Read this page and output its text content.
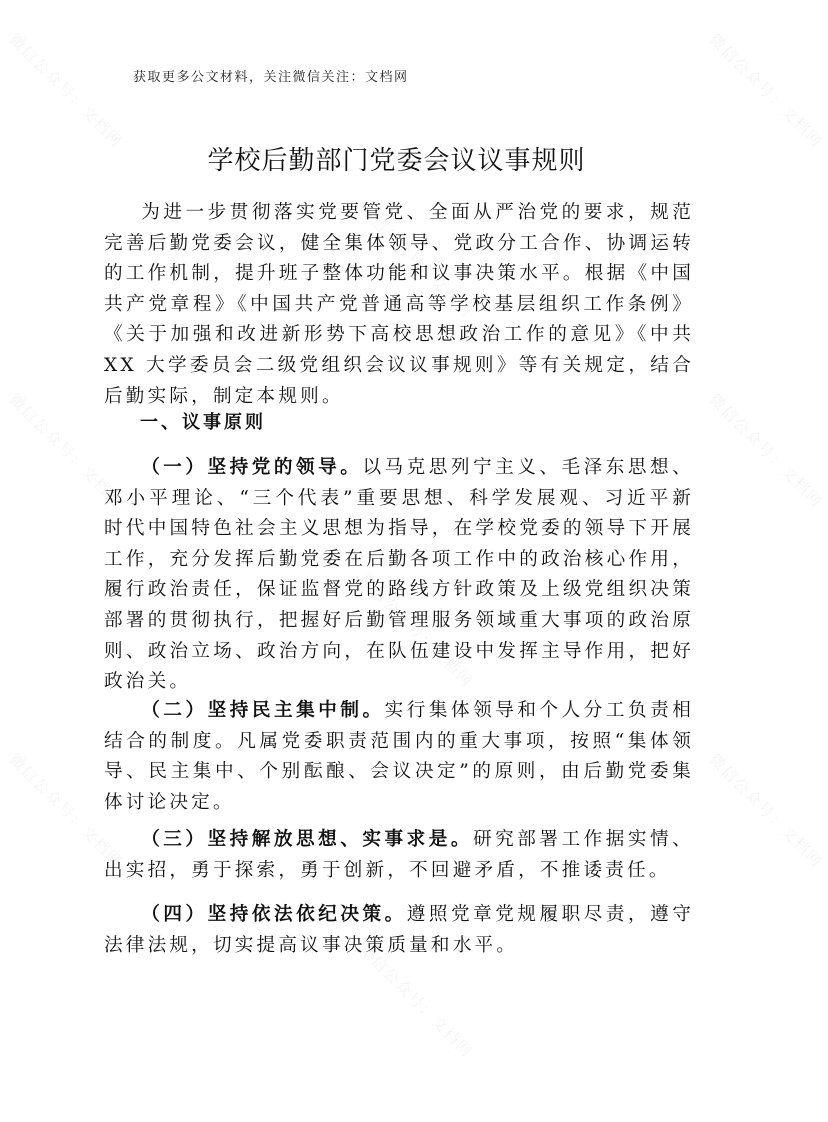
微信公众号：文档网	微信公众号：文档网
微信公众号：文档网
微信公众号：文档网	微信公众号：文档网
微信公众号：文档网
微信公众号：文档网	微信公众号：文档网
微信公众号：文档网
获取更多公文材料，关注微信关注：文档网
学校后勤部门党委会议议事规则

为进一步贯彻落实党要管党、全面从严治党的要求，规范完善后勤党委会议，健全集体领导、党政分工合作、协调运转的工作机制，提升班子整体功能和议事决策水平。根据《中国共产党章程》《中国共产党普通高等学校基层组织工作条例》《关于加强和改进新形势下高校思想政治工作的意见》《中共XX 大学委员会二级党组织会议议事规则》等有关规定，结合后勤实际，制定本规则。

一、议事原则

（一）坚持党的领导。以马克思列宁主义、毛泽东思想、邓小平理论、“三个代表”重要思想、科学发展观、习近平新时代中国特色社会主义思想为指导，在学校党委的领导下开展工作，充分发挥后勤党委在后勤各项工作中的政治核心作用，履行政治责任，保证监督党的路线方针政策及上级党组织决策部署的贯彻执行，把握好后勤管理服务领域重大事项的政治原则、政治立场、政治方向，在队伍建设中发挥主导作用，把好政治关。

（二）坚持民主集中制。实行集体领导和个人分工负责相结合的制度。凡属党委职责范围内的重大事项，按照“集体领导、民主集中、个别酝酿、会议决定”的原则，由后勤党委集体讨论决定。

（三）坚持解放思想、实事求是。研究部署工作据实情、出实招，勇于探索，勇于创新，不回避矛盾，不推诿责任。

（四）坚持依法依纪决策。遵照党章党规履职尽责，遵守法律法规，切实提高议事决策质量和水平。
